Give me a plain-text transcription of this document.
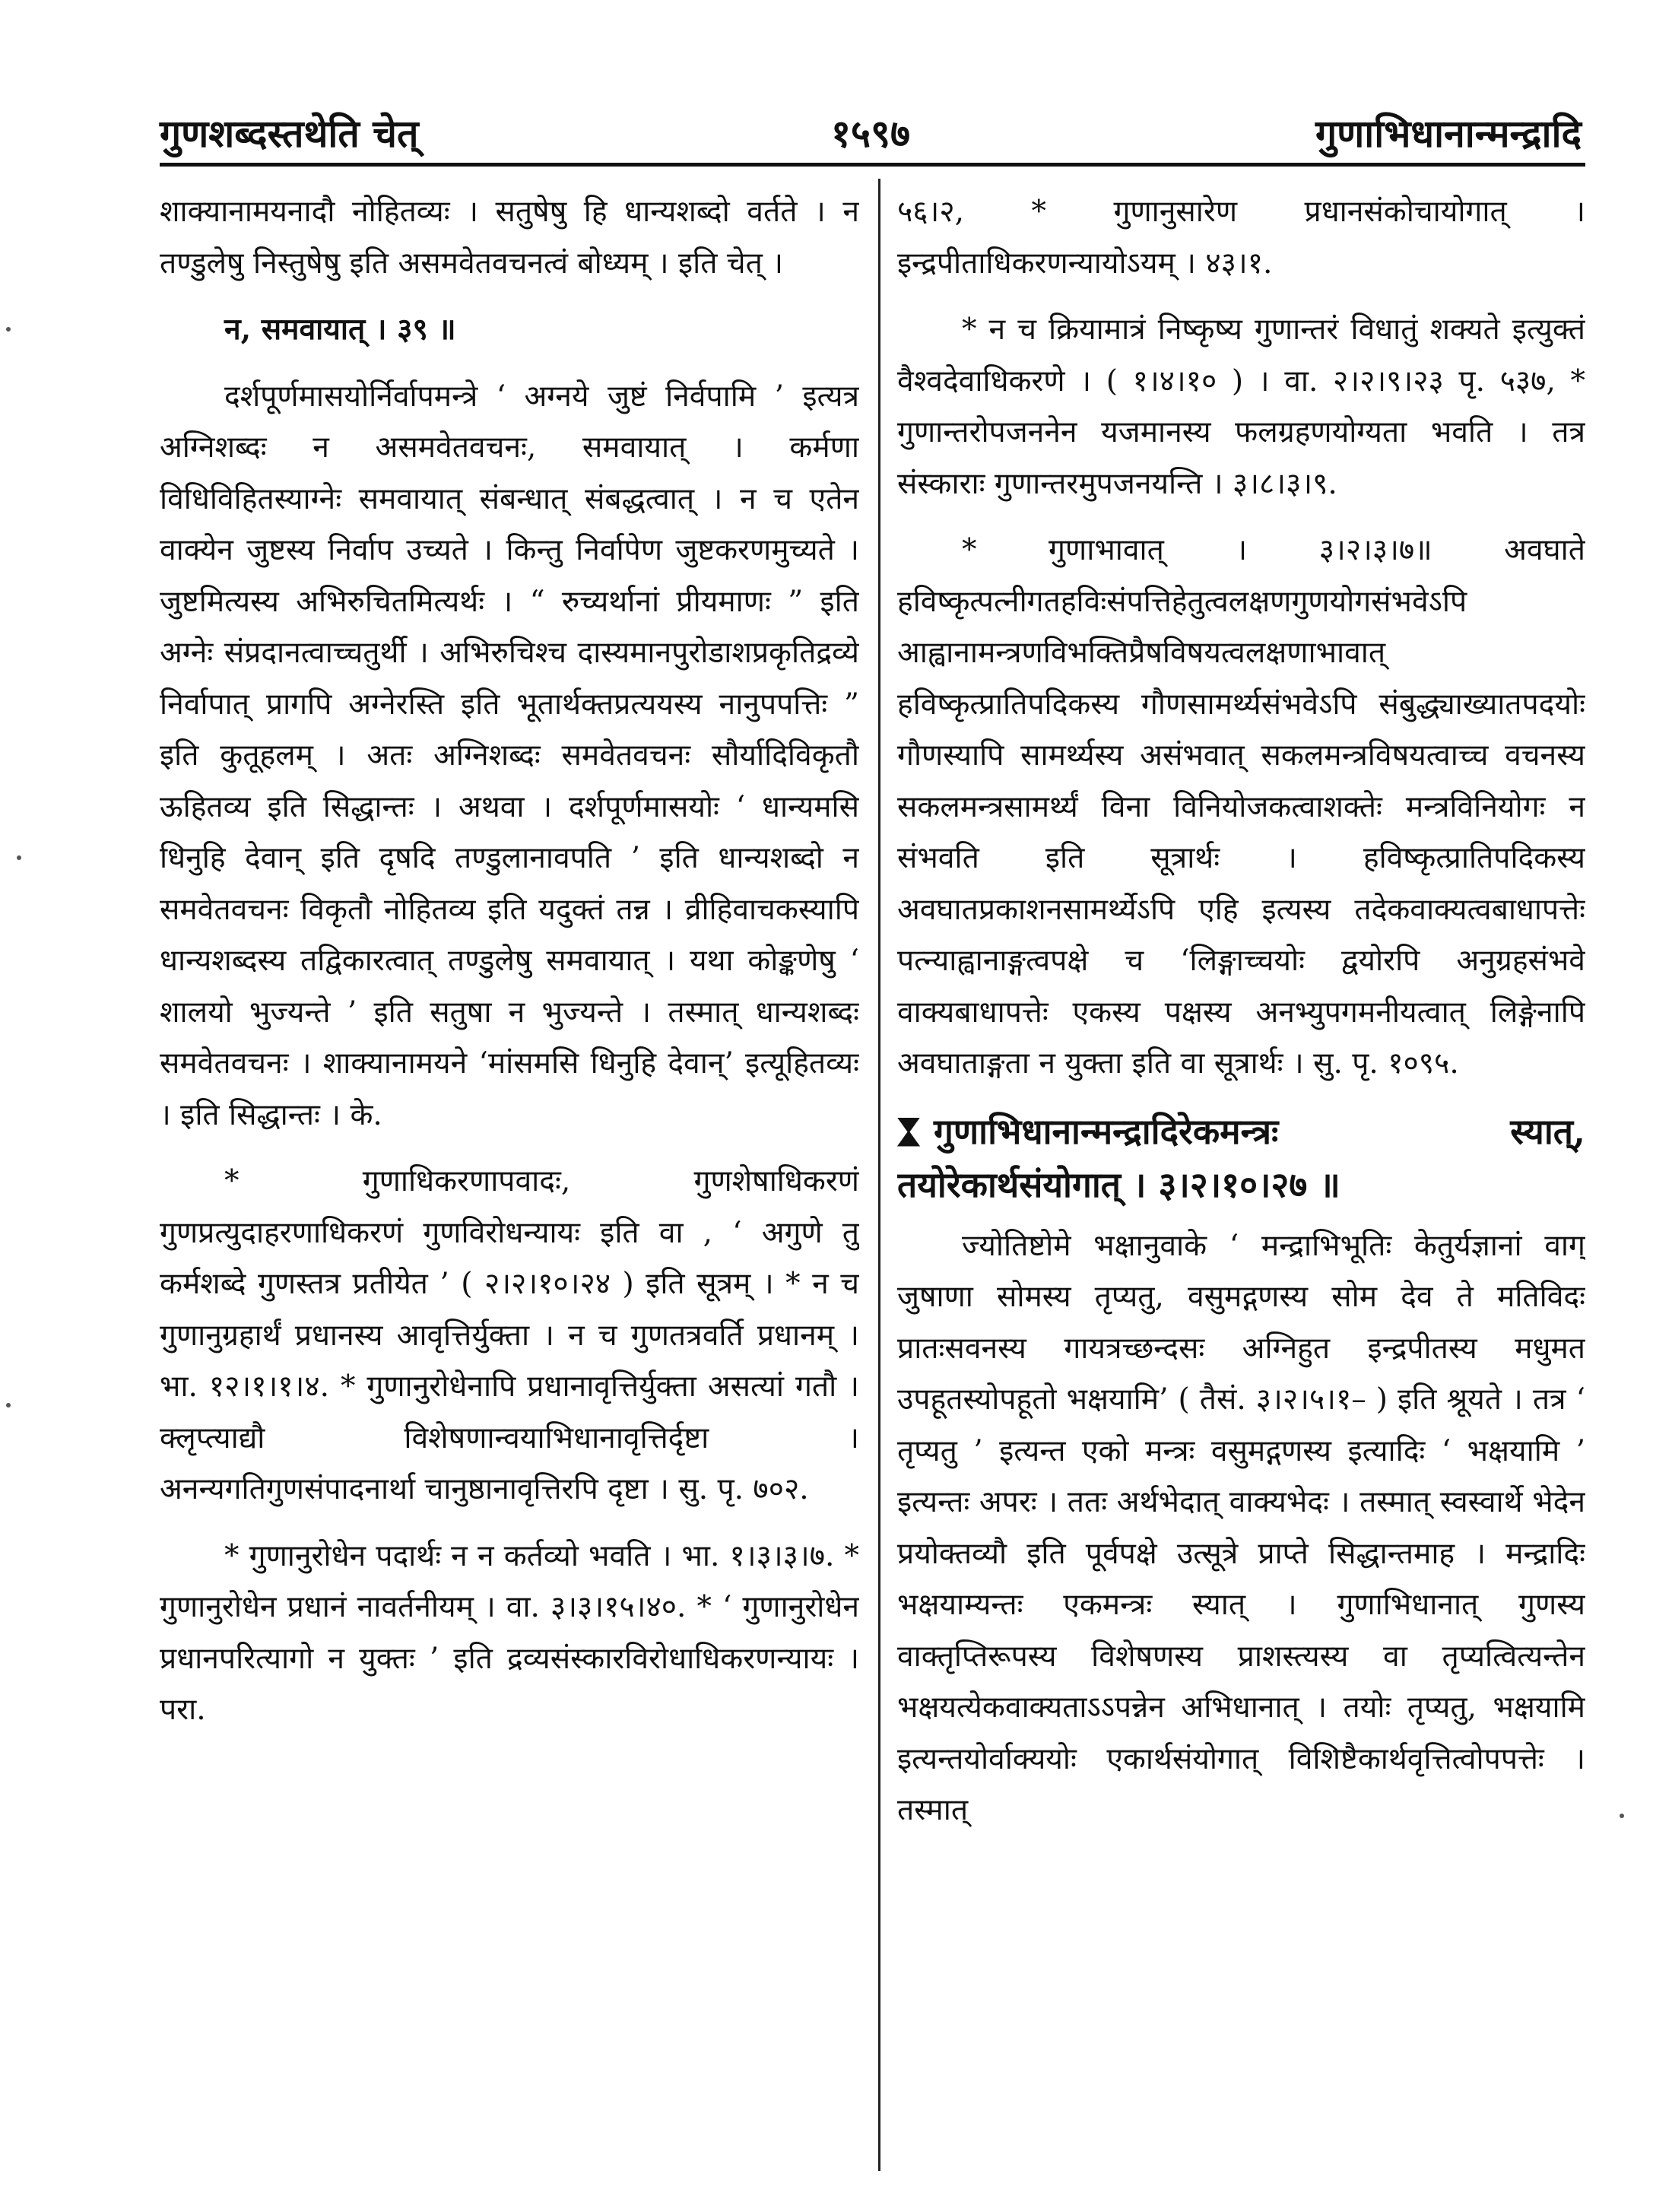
गुणशब्दस्तथेति चेत्	१५९७	गुणाभिधानान्मन्द्रादि

शाक्यानामयनादौ नोहितव्यः । सतुषेषु हि धान्यशब्दो वर्तते । न तण्डुलेषु निस्तुषेषु इति असमवेतवचनत्वं बोध्यम् । इति चेत् ।

न, समवायात् । ३९ ॥

दर्शपूर्णमासयोर्निर्वापमन्त्रे ‘ अग्नये जुष्टं निर्वपामि ’ इत्यत्र अग्निशब्दः न असमवेतवचनः, समवायात् । कर्मणा विधिविहितस्याग्नेः समवायात् संबन्धात् संबद्धत्वात् । न च एतेन वाक्येन जुष्टस्य निर्वाप उच्यते । किन्तु निर्वापेण जुष्टकरणमुच्यते । जुष्टमित्यस्य अभिरुचितमित्यर्थः । “ रुच्यर्थानां प्रीयमाणः ” इति अग्नेः संप्रदानत्वाच्चतुर्थी । अभिरुचिश्च दास्यमानपुरोडाशप्रकृतिद्रव्ये निर्वापात् प्रागपि अग्नेरस्ति इति भूतार्थक्तप्रत्ययस्य नानुपपत्तिः ” इति कुतूहलम् । अतः अग्निशब्दः समवेतवचनः सौर्यादिविकृतौ ऊहितव्य इति सिद्धान्तः । अथवा । दर्शपूर्णमासयोः ‘ धान्यमसि धिनुहि देवान् इति दृषदि तण्डुलानावपति ’ इति धान्यशब्दो न समवेतवचनः विकृतौ नोहितव्य इति यदुक्तं तन्न । व्रीहिवाचकस्यापि धान्यशब्दस्य तद्विकारत्वात् तण्डुलेषु समवायात् । यथा कोङ्कणेषु ‘ शालयो भुज्यन्ते ’ इति सतुषा न भुज्यन्ते । तस्मात् धान्यशब्दः समवेतवचनः । शाक्यानामयने ‘मांसमसि धिनुहि देवान्’ इत्यूहितव्यः । इति सिद्धान्तः । के.

* गुणाधिकरणापवादः, गुणशेषाधिकरणं गुणप्रत्युदाहरणाधिकरणं गुणविरोधन्यायः इति वा , ‘ अगुणे तु कर्मशब्दे गुणस्तत्र प्रतीयेत ’ ( २।२।१०।२४ ) इति सूत्रम् । * न च गुणानुग्रहार्थं प्रधानस्य आवृत्तिर्युक्ता । न च गुणतत्रवर्ति प्रधानम् । भा. १२।१।१।४. * गुणानुरोधेनापि प्रधानावृत्तिर्युक्ता असत्यां गतौ । क्लृप्त्याद्यौ विशेषणान्वयाभिधानावृत्तिर्दृष्टा । अनन्यगतिगुणसंपादनार्था चानुष्ठानावृत्तिरपि दृष्टा । सु. पृ. ७०२.

* गुणानुरोधेन पदार्थः न न कर्तव्यो भवति । भा. १।३।३।७. * गुणानुरोधेन प्रधानं नावर्तनीयम् । वा. ३।३।१५।४०. * ‘ गुणानुरोधेन प्रधानपरित्यागो न युक्तः ’ इति द्रव्यसंस्कारविरोधाधिकरणन्यायः । परा.

५६।२, * गुणानुसारेण प्रधानसंकोचायोगात् । इन्द्रपीताधिकरणन्यायोऽयम् । ४३।१.

* न च क्रियामात्रं निष्कृष्य गुणान्तरं विधातुं शक्यते इत्युक्तं वैश्वदेवाधिकरणे । ( १।४।१० ) । वा. २।२।९।२३ पृ. ५३७, * गुणान्तरोपजननेन यजमानस्य फलग्रहणयोग्यता भवति । तत्र संस्काराः गुणान्तरमुपजनयन्ति । ३।८।३।९.

* गुणाभावात् । ३।२।३।७॥ अवघाते हविष्कृत्पत्नीगतहविःसंपत्तिहेतुत्वलक्षणगुणयोगसंभवेऽपि आह्वानामन्त्रणविभक्तिप्रैषविषयत्वलक्षणाभावात् हविष्कृत्प्रातिपदिकस्य गौणसामर्थ्यसंभवेऽपि संबुद्ध्याख्यातपदयोः गौणस्यापि सामर्थ्यस्य असंभवात् सकलमन्त्रविषयत्वाच्च वचनस्य सकलमन्त्रसामर्थ्यं विना विनियोजकत्वाशक्तेः मन्त्रविनियोगः न संभवति इति सूत्रार्थः । हविष्कृत्प्रातिपदिकस्य अवघातप्रकाशनसामर्थ्येऽपि एहि इत्यस्य तदेकवाक्यत्वबाधापत्तेः पत्न्याह्वानाङ्गत्वपक्षे च ‘लिङ्गाच्चयोः द्वयोरपि अनुग्रहसंभवे वाक्यबाधापत्तेः एकस्य पक्षस्य अनभ्युपगमनीयत्वात् लिङ्गेनापि अवघाताङ्गता न युक्ता इति वा सूत्रार्थः । सु. पृ. १०९५.

गुणाभिधानान्मन्द्रादिरेकमन्त्रः स्यात्, तयोरेकार्थसंयोगात् । ३।२।१०।२७ ॥

ज्योतिष्टोमे भक्षानुवाके ‘ मन्द्राभिभूतिः केतुर्यज्ञानां वाग् जुषाणा सोमस्य तृप्यतु, वसुमद्गणस्य सोम देव ते मतिविदः प्रातःसवनस्य गायत्रच्छन्दसः अग्निहुत इन्द्रपीतस्य मधुमत उपहूतस्योपहूतो भक्षयामि’ ( तैसं. ३।२।५।१– ) इति श्रूयते । तत्र ‘ तृप्यतु ’ इत्यन्त एको मन्त्रः वसुमद्गणस्य इत्यादिः ‘ भक्षयामि ’ इत्यन्तः अपरः । ततः अर्थभेदात् वाक्यभेदः । तस्मात् स्वस्वार्थे भेदेन प्रयोक्तव्यौ इति पूर्वपक्षे उत्सूत्रे प्राप्ते सिद्धान्तमाह । मन्द्रादिः भक्षयाम्यन्तः एकमन्त्रः स्यात् । गुणाभिधानात् गुणस्य वाक्तृप्तिरूपस्य विशेषणस्य प्राशस्त्यस्य वा तृप्यत्वित्यन्तेन भक्षयत्येकवाक्यताऽऽपन्नेन अभिधानात् । तयोः तृप्यतु, भक्षयामि इत्यन्तयोर्वाक्ययोः एकार्थसंयोगात् विशिष्टैकार्थवृत्तित्वोपपत्तेः । तस्मात्
